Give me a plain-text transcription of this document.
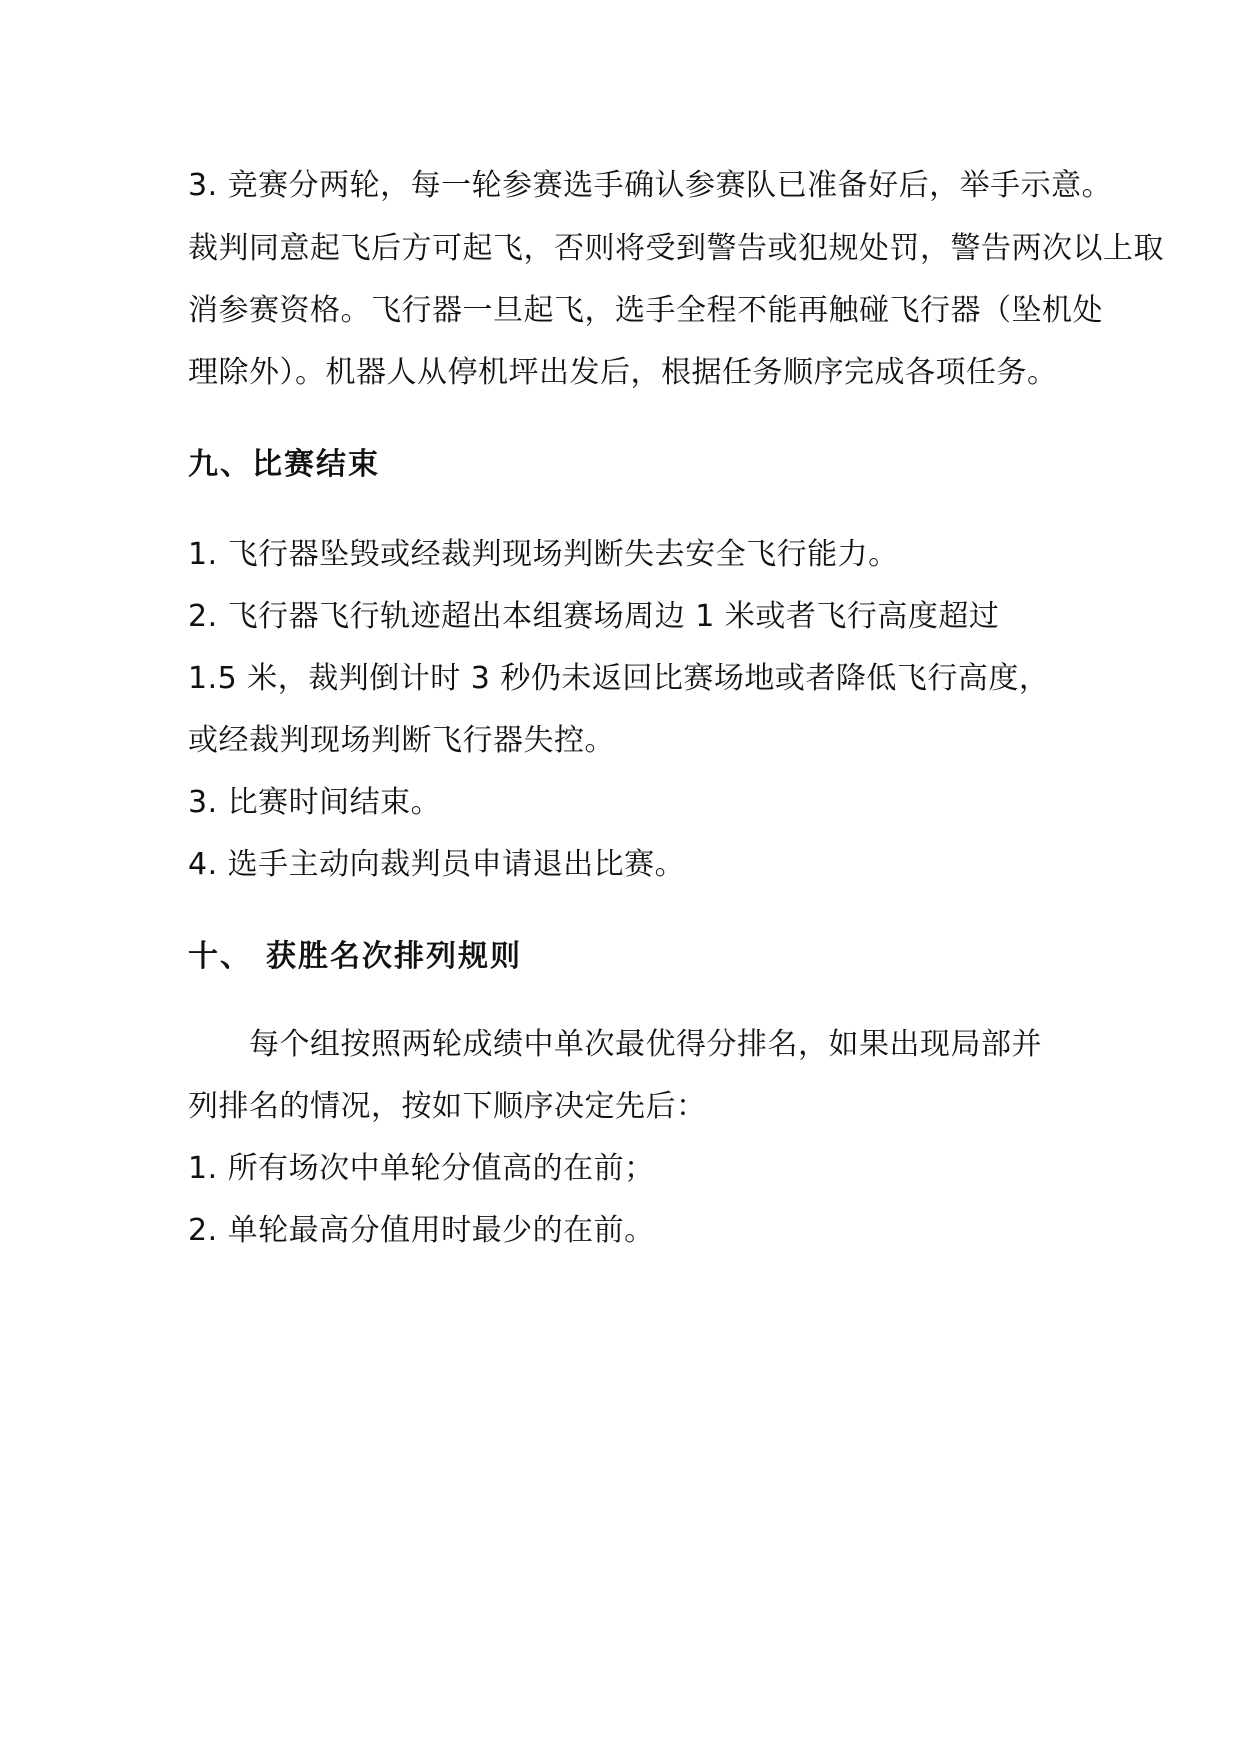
3. 竞赛分两轮，每一轮参赛选手确认参赛队已准备好后，举手示意。
裁判同意起飞后方可起飞，否则将受到警告或犯规处罚，警告两次以上取
消参赛资格。飞行器一旦起飞，选手全程不能再触碰飞行器（坠机处
理除外）。机器人从停机坪出发后，根据任务顺序完成各项任务。
九、比赛结束
1. 飞行器坠毁或经裁判现场判断失去安全飞行能力。
2. 飞行器飞行轨迹超出本组赛场周边 1 米或者飞行高度超过
1.5 米，裁判倒计时 3 秒仍未返回比赛场地或者降低飞行高度，
或经裁判现场判断飞行器失控。
3. 比赛时间结束。
4. 选手主动向裁判员申请退出比赛。
十、 获胜名次排列规则
每个组按照两轮成绩中单次最优得分排名，如果出现局部并
列排名的情况，按如下顺序决定先后：
1. 所有场次中单轮分值高的在前；
2. 单轮最高分值用时最少的在前。
